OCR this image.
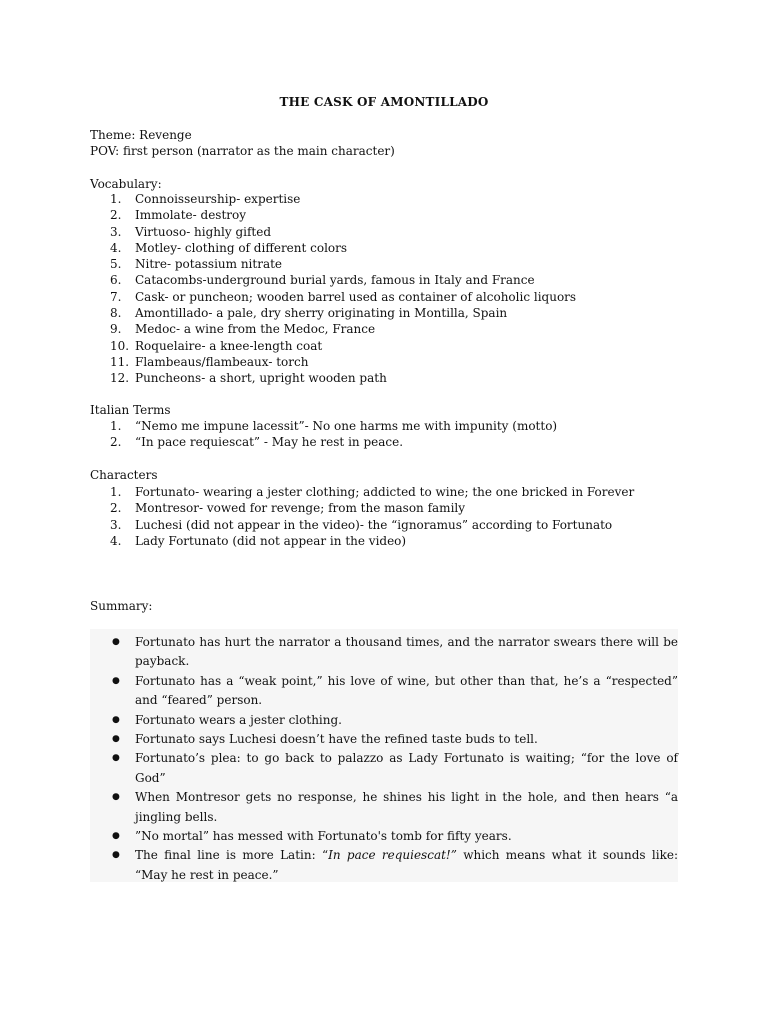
THE CASK OF AMONTILLADO
Theme: Revenge
POV: first person (narrator as the main character)
Vocabulary:
1.	Connoisseurship- expertise
2.	Immolate- destroy
3.	Virtuoso- highly gifted
4.	Motley- clothing of different colors
5.	Nitre- potassium nitrate
6.	Catacombs-underground burial yards, famous in Italy and France
7.	Cask- or puncheon; wooden barrel used as container of alcoholic liquors
8.	Amontillado- a pale, dry sherry originating in Montilla, Spain
9.	Medoc- a wine from the Medoc, France
10. Roquelaire- a knee-length coat
11. Flambeaus/flambeaux- torch
12. Puncheons- a short, upright wooden path
Italian Terms
1.	“Nemo me impune lacessit”- No one harms me with impunity (motto)
2.	“In pace requiescat” - May he rest in peace.
Characters
1.	Fortunato- wearing a jester clothing; addicted to wine; the one bricked in Forever
2.	Montresor- vowed for revenge; from the mason family
3.	Luchesi (did not appear in the video)- the “ignoramus” according to Fortunato
4.	Lady Fortunato (did not appear in the video)
Summary:
● Fortunato has hurt the narrator a thousand times, and the narrator swears there will be payback.
● Fortunato has a “weak point,” his love of wine, but other than that, he’s a “respected” and “feared” person.
● Fortunato wears a jester clothing.
● Fortunato says Luchesi doesn’t have the refined taste buds to tell.
● Fortunato’s plea: to go back to palazzo as Lady Fortunato is waiting; “for the love of God”
● When Montresor gets no response, he shines his light in the hole, and then hears “a jingling bells.
● ”No mortal” has messed with Fortunato's tomb for fifty years.
● The final line is more Latin: “In pace requiescat!” which means what it sounds like: “May he rest in peace.”
